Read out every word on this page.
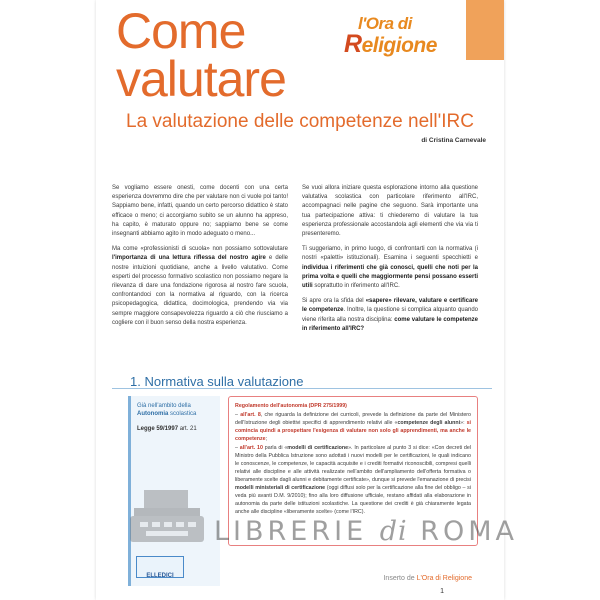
Come
valutare
La valutazione delle competenze nell'IRC
di Cristina Carnevale
l'Ora di
Religione

Se vogliamo essere onesti, come docenti con una certa esperienza dovremmo dire che per valutare non ci vuole poi tanto! Sappiamo bene, infatti, quando un certo percorso didattico è stato efficace o meno; ci accorgiamo subito se un alunno ha appreso, ha capito, è maturato oppure no; sappiamo bene se come insegnanti abbiamo agito in modo adeguato o meno...

Ma come «professionisti di scuola» non possiamo sottovalutare l'importanza di una lettura riflessa del nostro agire e delle nostre intuizioni quotidiane, anche a livello valutativo. Come esperti del processo formativo scolastico non possiamo negare la rilevanza di dare una fondazione rigorosa al nostro fare scuola, confrontandoci con la normativa al riguardo, con la ricerca psicopedagogica, didattica, docimologica, prendendo via via sempre maggiore consapevolezza riguardo a ciò che riusciamo a cogliere con il buon senso della nostra esperienza.

Se vuoi allora iniziare questa esplorazione intorno alla questione valutativa scolastica con particolare riferimento all'IRC, accompagnaci nelle pagine che seguono. Sarà importante una tua partecipazione attiva: ti chiederemo di valutare la tua esperienza professionale accostandola agli elementi che via via ti presenteremo.

Ti suggeriamo, in primo luogo, di confrontarti con la normativa (i nostri «paletti» istituzionali). Esamina i seguenti specchietti e individua i riferimenti che già conosci, quelli che noti per la prima volta e quelli che maggiormente pensi possano esserti utili soprattutto in riferimento all'IRC.

Si apre ora la sfida del «sapere» rilevare, valutare e certificare le competenze. Inoltre, la questione si complica alquanto quando viene riferita alla nostra disciplina: come valutare le competenze in riferimento all'IRC?

1. Normativa sulla valutazione
Già nell'ambito della
Autonomia scolastica
Legge 59/1997 art. 21
Regolamento dell'autonomia (DPR 275/1999)
– all'art. 8, che riguarda la definizione dei curricoli, prevede la definizione da parte del Ministero dell'Istruzione degli obiettivi specifici di apprendimento relativi alle «competenze degli alunni»: si comincia quindi a prospettare l'esigenza di valutare non solo gli apprendimenti, ma anche le competenze;
– all'art. 10 parla di «modelli di certificazione». In particolare al punto 3 si dice: «Con decreti del Ministro della Pubblica Istruzione sono adottati i nuovi modelli per le certificazioni, le quali indicano le conoscenze, le competenze, le capacità acquisite e i crediti formativi riconoscibili, compresi quelli relativi alle discipline e alle attività realizzate nell'ambito dell'ampliamento dell'offerta formativa o liberamente scelte dagli alunni e debitamente certificate», dunque si prevede l'emanazione di precisi modelli ministeriali di certificazione (oggi diffusi solo per la certificazione alla fine del obbligo – si veda più avanti D.M. 9/2010); fino alla loro diffusione ufficiale, restano affidati alla elaborazione in autonomia da parte delle istituzioni scolastiche. La questione dei crediti è già chiaramente legata anche alle discipline «liberamente scelte» (come l'IRC).
$_{ELLEDICI}$	Inserto de L'Ora di Religione
1
LIBRERIE di ROMA
